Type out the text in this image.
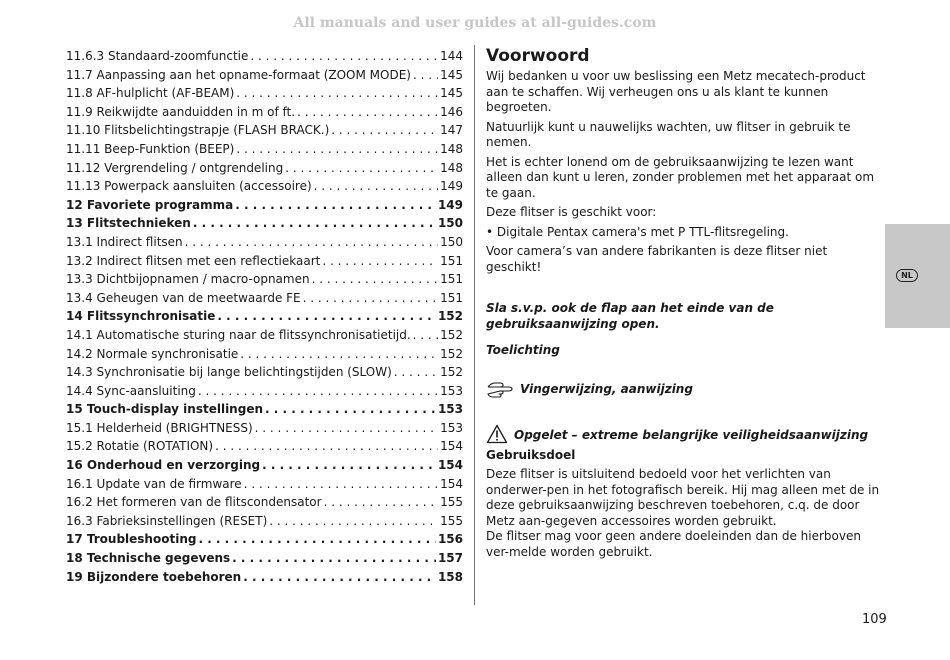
All manuals and user guides at all-guides.com
11.6.3 Standaard-zoomfunctie . . .	144
11.7 Aanpassing aan het opname-formaat (ZOOM MODE) . . . 145
11.8 AF-hulplicht (AF-BEAM) . . .	145
11.9 Reikwijdte aanduidden in m of ft. . . .	146
11.10 Flitsbelichtingstrapje (FLASH BRACK.) . . .	147
11.11 Beep-Funktion (BEEP) . . .	148
11.12 Vergrendeling / ontgrendeling . . .	148
11.13 Powerpack aansluiten (accessoire) . . .	149
12 Favoriete programma . . .	149
13 Flitstechnieken . . .	150
13.1 Indirect flitsen . . .	150
13.2 Indirect flitsen met een reflectiekaart . . .	151
13.3 Dichtbijopnamen / macro-opnamen . . .	151
13.4 Geheugen van de meetwaarde FE . . .	151
14 Flitssynchronisatie . . .	152
14.1 Automatische sturing naar de flitssynchronisatietijd. . . . 152
14.2 Normale synchronisatie . . .	152
14.3 Synchronisatie bij lange belichtingstijden (SLOW) . . .	152
14.4 Sync-aansluiting . . .	153
15 Touch-display instellingen . . .	153
15.1 Helderheid (BRIGHTNESS) . . .	153
15.2 Rotatie (ROTATION) . . .	154
16 Onderhoud en verzorging . . .	154
16.1 Update van de firmware . . .	154
16.2 Het formeren van de flitscondensator . . .	155
16.3 Fabrieksinstellingen (RESET) . . .	155
17 Troubleshooting . . .	156
18 Technische gegevens . . .	157
19 Bijzondere toebehoren . . .	158
Voorwoord

Wij bedanken u voor uw beslissing een Metz mecatech-product aan te schaffen. Wij verheugen ons u als klant te kunnen begroeten.

Natuurlijk kunt u nauwelijks wachten, uw flitser in gebruik te nemen.

Het is echter lonend om de gebruiksaanwijzing te lezen want alleen dan kunt u leren, zonder problemen met het apparaat om te gaan.

Deze flitser is geschikt voor:

• Digitale Pentax camera's met P TTL-flitsregeling.

Voor camera’s van andere fabrikanten is deze flitser niet geschikt!

Sla s.v.p. ook de flap aan het einde van de gebruiksaanwijzing open.

Toelichting

Vingerwijzing, aanwijzing
Opgelet – extreme belangrijke veiligheidsaanwijzing

Gebruiksdoel

Deze flitser is uitsluitend bedoeld voor het verlichten van onderwer-pen in het fotografisch bereik. Hij mag alleen met de in deze gebruiksaanwijzing beschreven toebehoren, c.q. de door Metz aan-gegeven accessoires worden gebruikt.

De flitser mag voor geen andere doeleinden dan de hierboven ver-melde worden gebruikt.

NL
109
